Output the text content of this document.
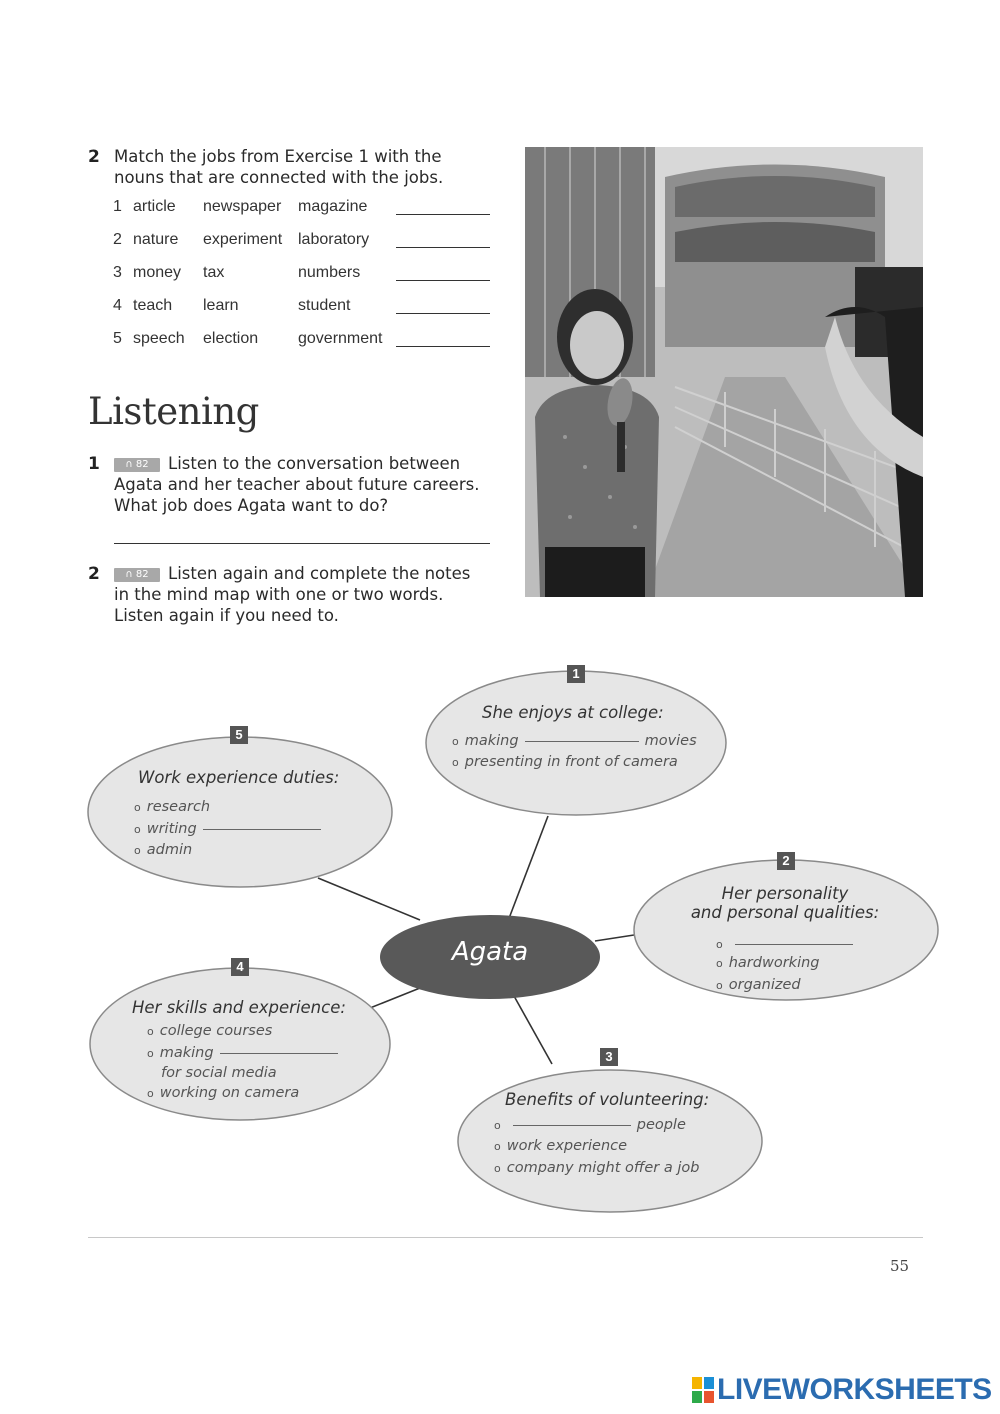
2 Match the jobs from Exercise 1 with the
nouns that are connected with the jobs.
1 article newspaper magazine
2 nature experiment laboratory
3 money tax	numbers
4 teach learn	student
5 speech election government
Listening
1	∩ 82 Listen to the conversation between
Agata and her teacher about future careers.
What job does Agata want to do?
2	∩ 82 Listen again and complete the notes
in the mind map with one or two words.
Listen again if you need to.
Agata
1
She enjoys at college:
o making	movies
o presenting in front of camera
5
Work experience duties:
o research
o writing
o admin
2
Her personality
and personal qualities:
o
o hardworking
o organized
4
Her skills and experience:
o college courses
o making
for social media
o working on camera
3
Benefits of volunteering:
o	people
o work experience
o company might offer a job
55
LIVEWORKSHEETS
